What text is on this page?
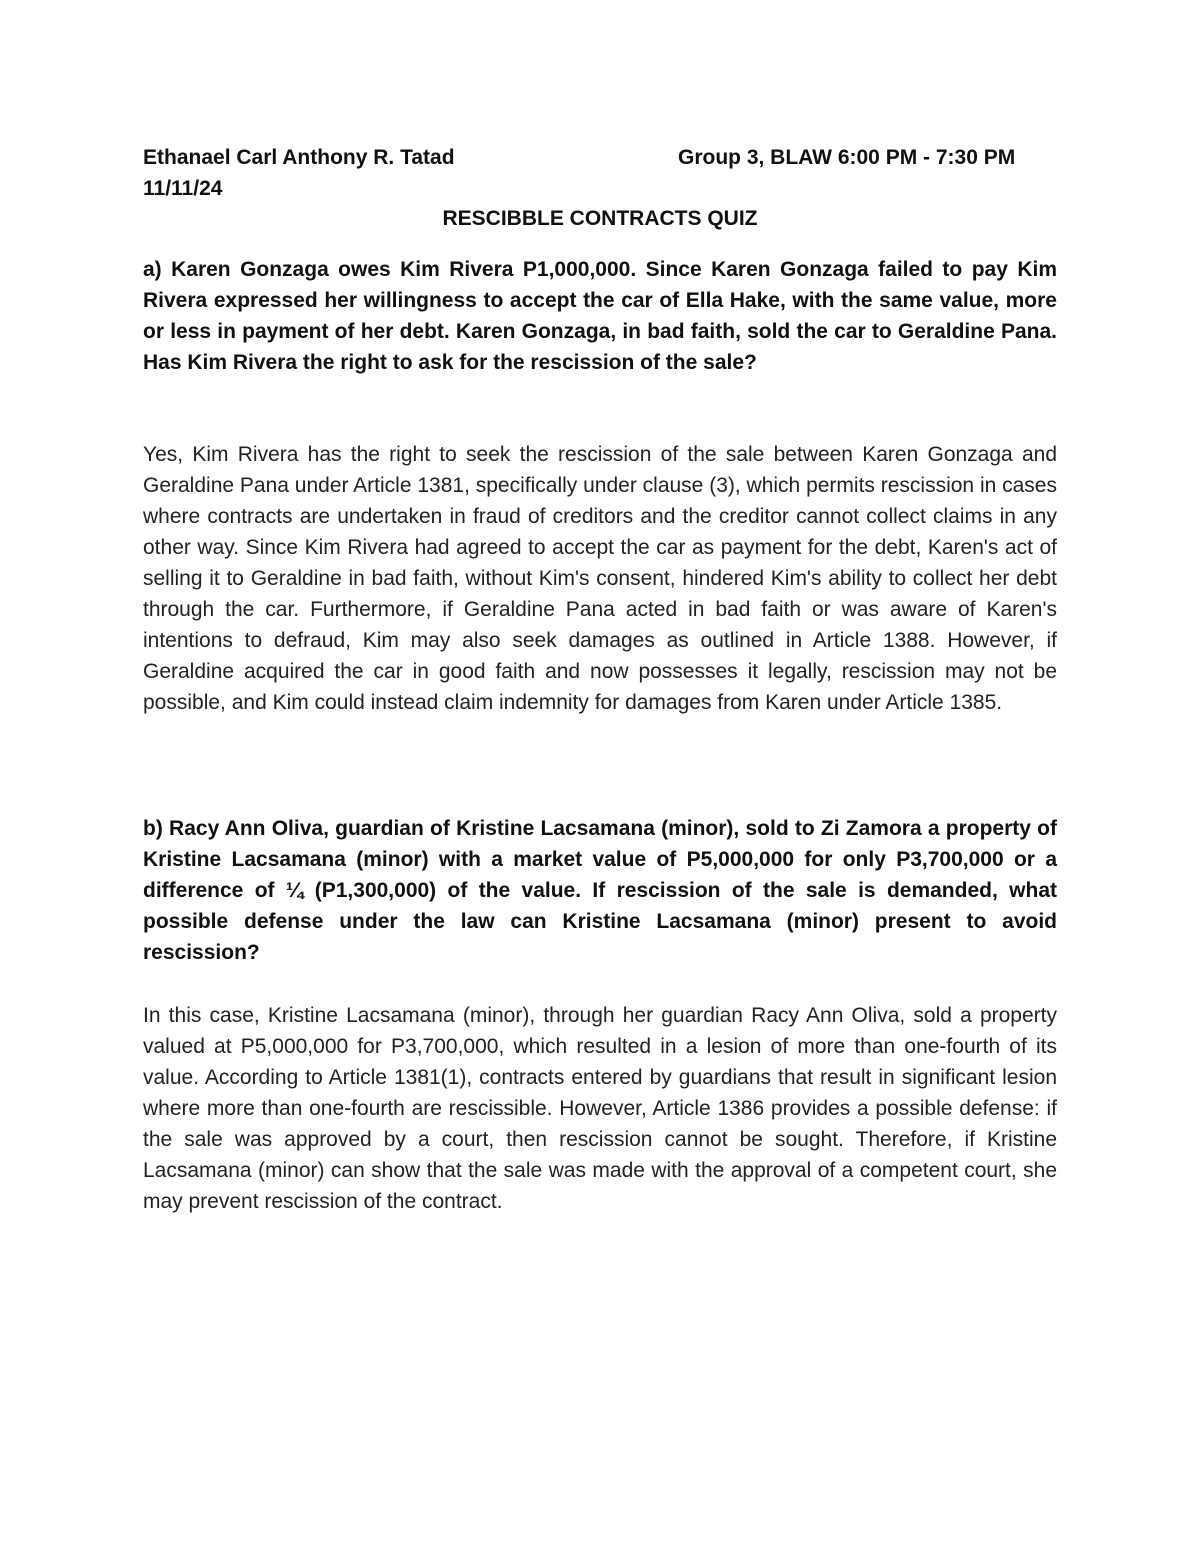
Ethanael Carl Anthony R. Tatad	Group 3, BLAW 6:00 PM - 7:30 PM
11/11/24
RESCIBBLE CONTRACTS QUIZ

a) Karen Gonzaga owes Kim Rivera P1,000,000. Since Karen Gonzaga failed to pay Kim Rivera expressed her willingness to accept the car of Ella Hake, with the same value, more or less in payment of her debt. Karen Gonzaga, in bad faith, sold the car to Geraldine Pana. Has Kim Rivera the right to ask for the rescission of the sale?

Yes, Kim Rivera has the right to seek the rescission of the sale between Karen Gonzaga and Geraldine Pana under Article 1381, specifically under clause (3), which permits rescission in cases where contracts are undertaken in fraud of creditors and the creditor cannot collect claims in any other way. Since Kim Rivera had agreed to accept the car as payment for the debt, Karen's act of selling it to Geraldine in bad faith, without Kim's consent, hindered Kim's ability to collect her debt through the car. Furthermore, if Geraldine Pana acted in bad faith or was aware of Karen's intentions to defraud, Kim may also seek damages as outlined in Article 1388. However, if Geraldine acquired the car in good faith and now possesses it legally, rescission may not be possible, and Kim could instead claim indemnity for damages from Karen under Article 1385.

b) Racy Ann Oliva, guardian of Kristine Lacsamana (minor), sold to Zi Zamora a property of Kristine Lacsamana (minor) with a market value of P5,000,000 for only P3,700,000 or a difference of ¼ (P1,300,000) of the value. If rescission of the sale is demanded, what possible defense under the law can Kristine Lacsamana (minor) present to avoid rescission?

In this case, Kristine Lacsamana (minor), through her guardian Racy Ann Oliva, sold a property valued at P5,000,000 for P3,700,000, which resulted in a lesion of more than one-fourth of its value. According to Article 1381(1), contracts entered by guardians that result in significant lesion where more than one-fourth are rescissible. However, Article 1386 provides a possible defense: if the sale was approved by a court, then rescission cannot be sought. Therefore, if Kristine Lacsamana (minor) can show that the sale was made with the approval of a competent court, she may prevent rescission of the contract.
